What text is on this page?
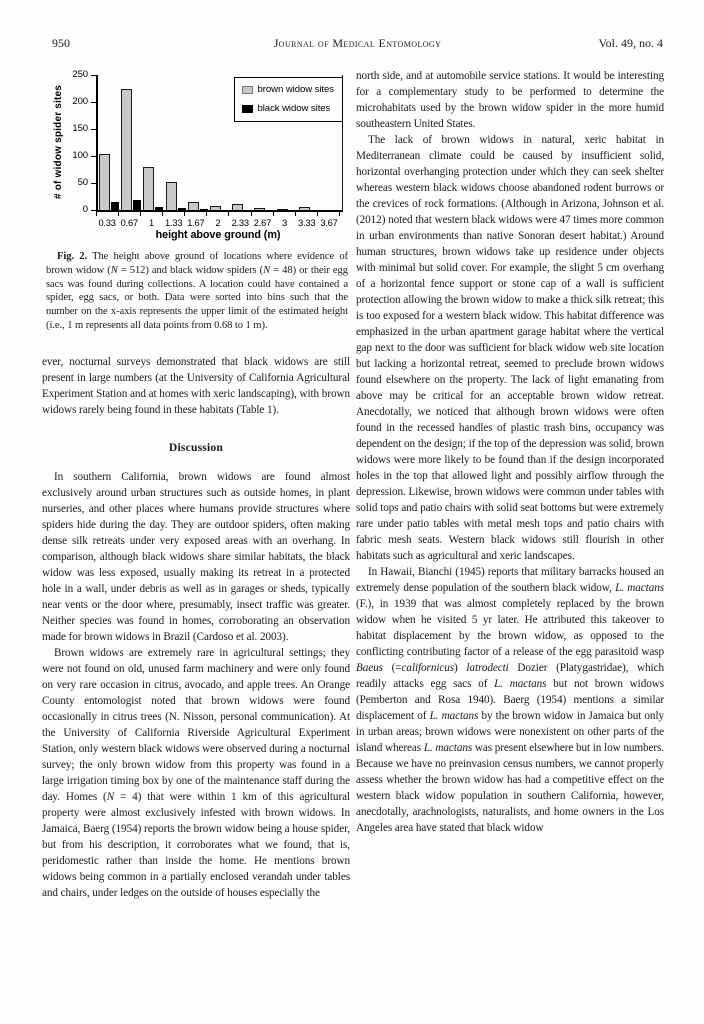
950	Journal of Medical Entomology	Vol. 49, no. 4
# of widow spider sites
0
50
100
150
200
250
brown widow sites
black widow sites
0.33 0.67	1	1.33 1.67	2	2.33 2.67	3	3.33 3.67
height above ground (m)
Fig. 2. The height above ground of locations where evidence of brown widow (N = 512) and black widow spiders (N = 48) or their egg sacs was found during collections. A location could have contained a spider, egg sacs, or both. Data were sorted into bins such that the number on the x-axis represents the upper limit of the estimated height (i.e., 1 m represents all data points from 0.68 to 1 m).

ever, nocturnal surveys demonstrated that black widows are still present in large numbers (at the University of California Agricultural Experiment Station and at homes with xeric landscaping), with brown widows rarely being found in these habitats (Table 1).

Discussion

In southern California, brown widows are found almost exclusively around urban structures such as outside homes, in plant nurseries, and other places where humans provide structures where spiders hide during the day. They are outdoor spiders, often making dense silk retreats under very exposed areas with an overhang. In comparison, although black widows share similar habitats, the black widow was less exposed, usually making its retreat in a protected hole in a wall, under debris as well as in garages or sheds, typically near vents or the door where, presumably, insect traffic was greater. Neither species was found in homes, corroborating an observation made for brown widows in Brazil (Cardoso et al. 2003).

Brown widows are extremely rare in agricultural settings; they were not found on old, unused farm machinery and were only found on very rare occasion in citrus, avocado, and apple trees. An Orange County entomologist noted that brown widows were found occasionally in citrus trees (N. Nisson, personal communication). At the University of California Riverside Agricultural Experiment Station, only western black widows were observed during a nocturnal survey; the only brown widow from this property was found in a large irrigation timing box by one of the maintenance staff during the day. Homes (N = 4) that were within 1 km of this agricultural property were almost exclusively infested with brown widows. In Jamaica, Baerg (1954) reports the brown widow being a house spider, but from his description, it corroborates what we found, that is, peridomestic rather than inside the home. He mentions brown widows being common in a partially enclosed verandah under tables and chairs, under ledges on the outside of houses especially the

north side, and at automobile service stations. It would be interesting for a complementary study to be performed to determine the microhabitats used by the brown widow spider in the more humid southeastern United States.

The lack of brown widows in natural, xeric habitat in Mediterranean climate could be caused by insufficient solid, horizontal overhanging protection under which they can seek shelter whereas western black widows choose abandoned rodent burrows or the crevices of rock formations. (Although in Arizona, Johnson et al. (2012) noted that western black widows were 47 times more common in urban environments than native Sonoran desert habitat.) Around human structures, brown widows take up residence under objects with minimal but solid cover. For example, the slight 5 cm overhang of a horizontal fence support or stone cap of a wall is sufficient protection allowing the brown widow to make a thick silk retreat; this is too exposed for a western black widow. This habitat difference was emphasized in the urban apartment garage habitat where the vertical gap next to the door was sufficient for black widow web site location but lacking a horizontal retreat, seemed to preclude brown widows found elsewhere on the property. The lack of light emanating from above may be critical for an acceptable brown widow retreat. Anecdotally, we noticed that although brown widows were often found in the recessed handles of plastic trash bins, occupancy was dependent on the design; if the top of the depression was solid, brown widows were more likely to be found than if the design incorporated holes in the top that allowed light and possibly airflow through the depression. Likewise, brown widows were common under tables with solid tops and patio chairs with solid seat bottoms but were extremely rare under patio tables with metal mesh tops and patio chairs with fabric mesh seats. Western black widows still flourish in other habitats such as agricultural and xeric landscapes.

In Hawaii, Bianchi (1945) reports that military barracks housed an extremely dense population of the southern black widow, L. mactans (F.), in 1939 that was almost completely replaced by the brown widow when he visited 5 yr later. He attributed this takeover to habitat displacement by the brown widow, as opposed to the conflicting contributing factor of a release of the egg parasitoid wasp Baeus (=californicus) latrodecti Dozier (Platygastridae), which readily attacks egg sacs of L. mactans but not brown widows (Pemberton and Rosa 1940). Baerg (1954) mentions a similar displacement of L. mactans by the brown widow in Jamaica but only in urban areas; brown widows were nonexistent on other parts of the island whereas L. mactans was present elsewhere but in low numbers. Because we have no preinvasion census numbers, we cannot properly assess whether the brown widow has had a competitive effect on the western black widow population in southern California, however, anecdotally, arachnologists, naturalists, and home owners in the Los Angeles area have stated that black widow
